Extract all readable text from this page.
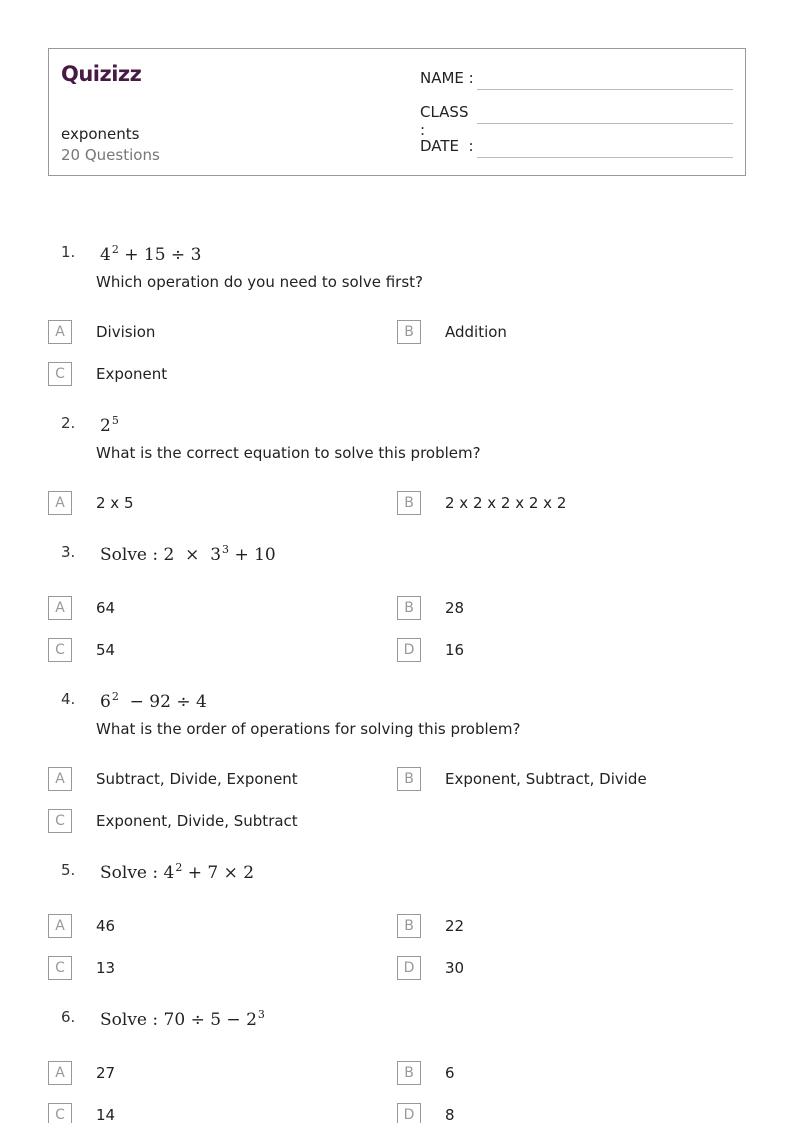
Quizizz
exponents
20 Questions
NAME :
CLASS :
DATE  :
1. $4^2 + 15 \div 3$
Which operation do you need to solve first?
A	Division	B	Addition
C	Exponent
2. $2^5$
What is the correct equation to solve this problem?
A	2 x 5	B	2 x 2 x 2 x 2 x 2
3. Solve : $2 \times 3^3 + 10$
A	64	B	28
C	54	D	16
4. $6^2 - 92 \div 4$
What is the order of operations for solving this problem?
A	Subtract, Divide, Exponent	B	Exponent, Subtract, Divide
C	Exponent, Divide, Subtract
5. Solve : $4^2 + 7 \times 2$
A	46	B	22
C	13	D	30
6. Solve : $70 \div 5 - 2^3$
A	27	B	6
C	14	D	8
